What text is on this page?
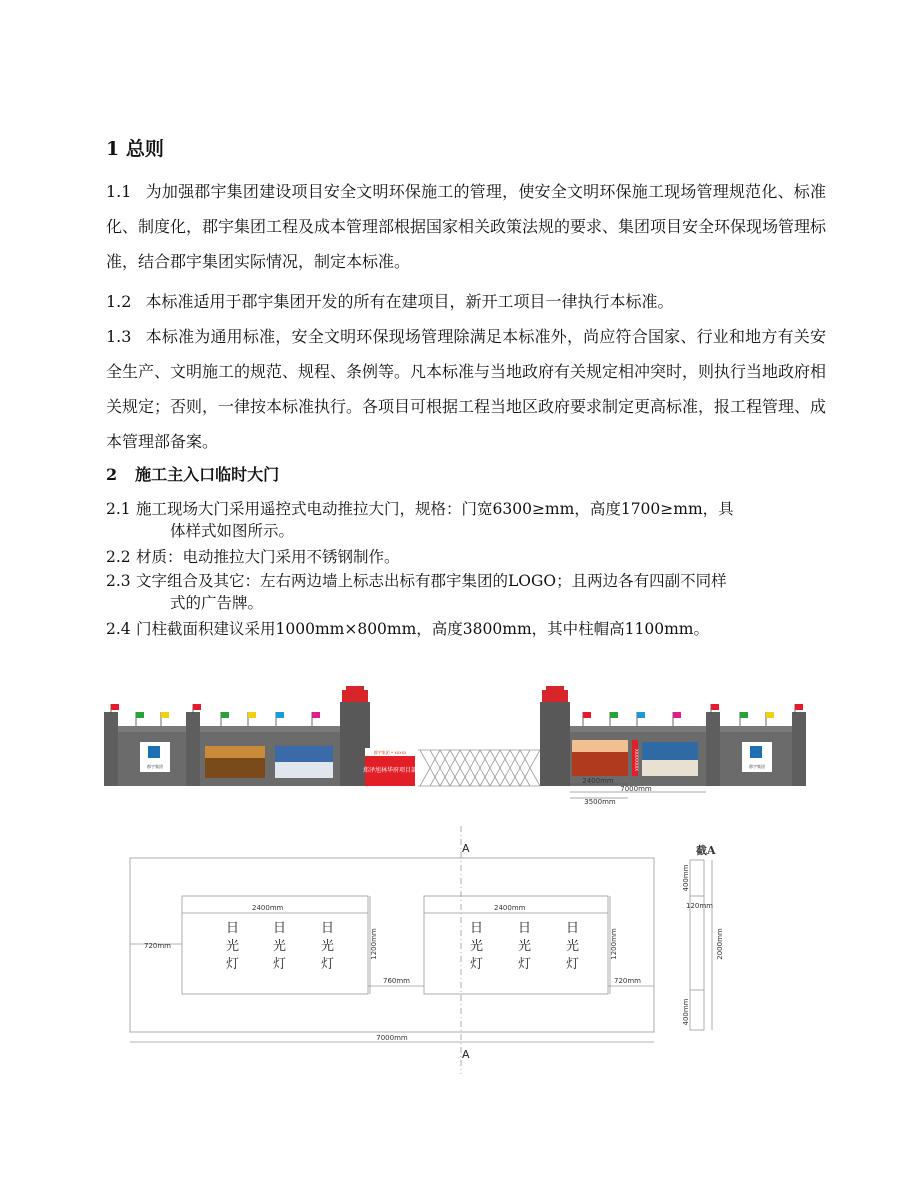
1 总则

1.1 为加强郡宇集团建设项目安全文明环保施工的管理，使安全文明环保施工现场管理规范化、标准化、制度化，郡宇集团工程及成本管理部根据国家相关政策法规的要求、集团项目安全环保现场管理标准，结合郡宇集团实际情况，制定本标准。

1.2 本标准适用于郡宇集团开发的所有在建项目，新开工项目一律执行本标准。

1.3 本标准为通用标准，安全文明环保现场管理除满足本标准外，尚应符合国家、行业和地方有关安全生产、文明施工的规范、规程、条例等。凡本标准与当地政府有关规定相冲突时，则执行当地政府相关规定；否则，一律按本标准执行。各项目可根据工程当地区政府要求制定更高标准，报工程管理、成本管理部备案。

2 施工主入口临时大门

2.1 施工现场大门采用遥控式电动推拉大门，规格：门宽6300≥mm，高度1700≥mm，具
体样式如图所示。

2.2 材质：电动推拉大门采用不锈钢制作。

2.3 文字组合及其它：左右两边墙上标志出标有郡宇集团的LOGO；且两边各有四副不同样
式的广告牌。

2.4 门柱截面积建议采用1000mm×800mm，高度3800mm，其中柱帽高1100mm。

郡宇集团
郡宇集团 • xxxxx
郑泽旭林华府项目部	XXXXXXXX	郡宇集团
2400mm
7000mm
3500mm
A
A
截A
日
光
灯
日
光
灯
日
光
灯
日
光
灯
日
光
灯
日
光
灯
2400mm	2400mm
720mm
720mm
760mm
1200mm	1200mm
7000mm
400mm
120mm
400mm
2000mm
